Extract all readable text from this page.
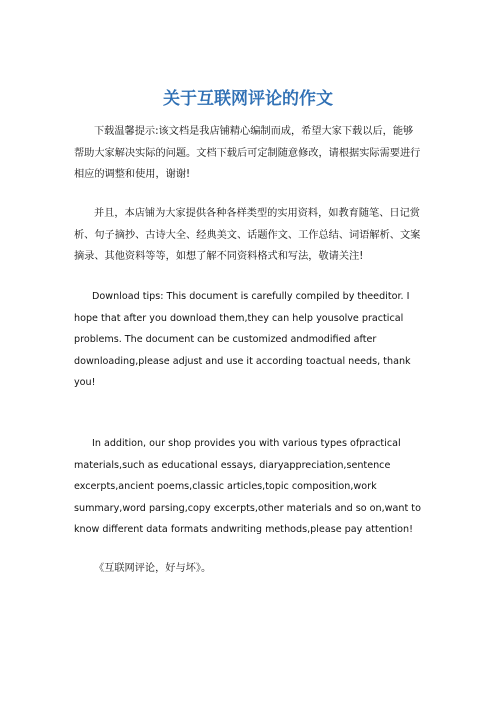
关于互联网评论的作文

下载温馨提示:该文档是我店铺精心编制而成，希望大家下载以后，能够帮助大家解决实际的问题。文档下载后可定制随意修改，请根据实际需要进行相应的调整和使用，谢谢!

并且，本店铺为大家提供各种各样类型的实用资料，如教育随笔、日记赏析、句子摘抄、古诗大全、经典美文、话题作文、工作总结、词语解析、文案摘录、其他资料等等，如想了解不同资料格式和写法，敬请关注!

Download tips: This document is carefully compiled by theeditor. I hope that after you download them,they can help yousolve practical problems. The document can be customized andmodified after downloading,please adjust and use it according toactual needs, thank you!

In addition, our shop provides you with various types ofpractical materials,such as educational essays, diaryappreciation,sentence excerpts,ancient poems,classic articles,topic composition,work summary,word parsing,copy excerpts,other materials and so on,want to know different data formats andwriting methods,please pay attention!

《互联网评论，好与坏》。
